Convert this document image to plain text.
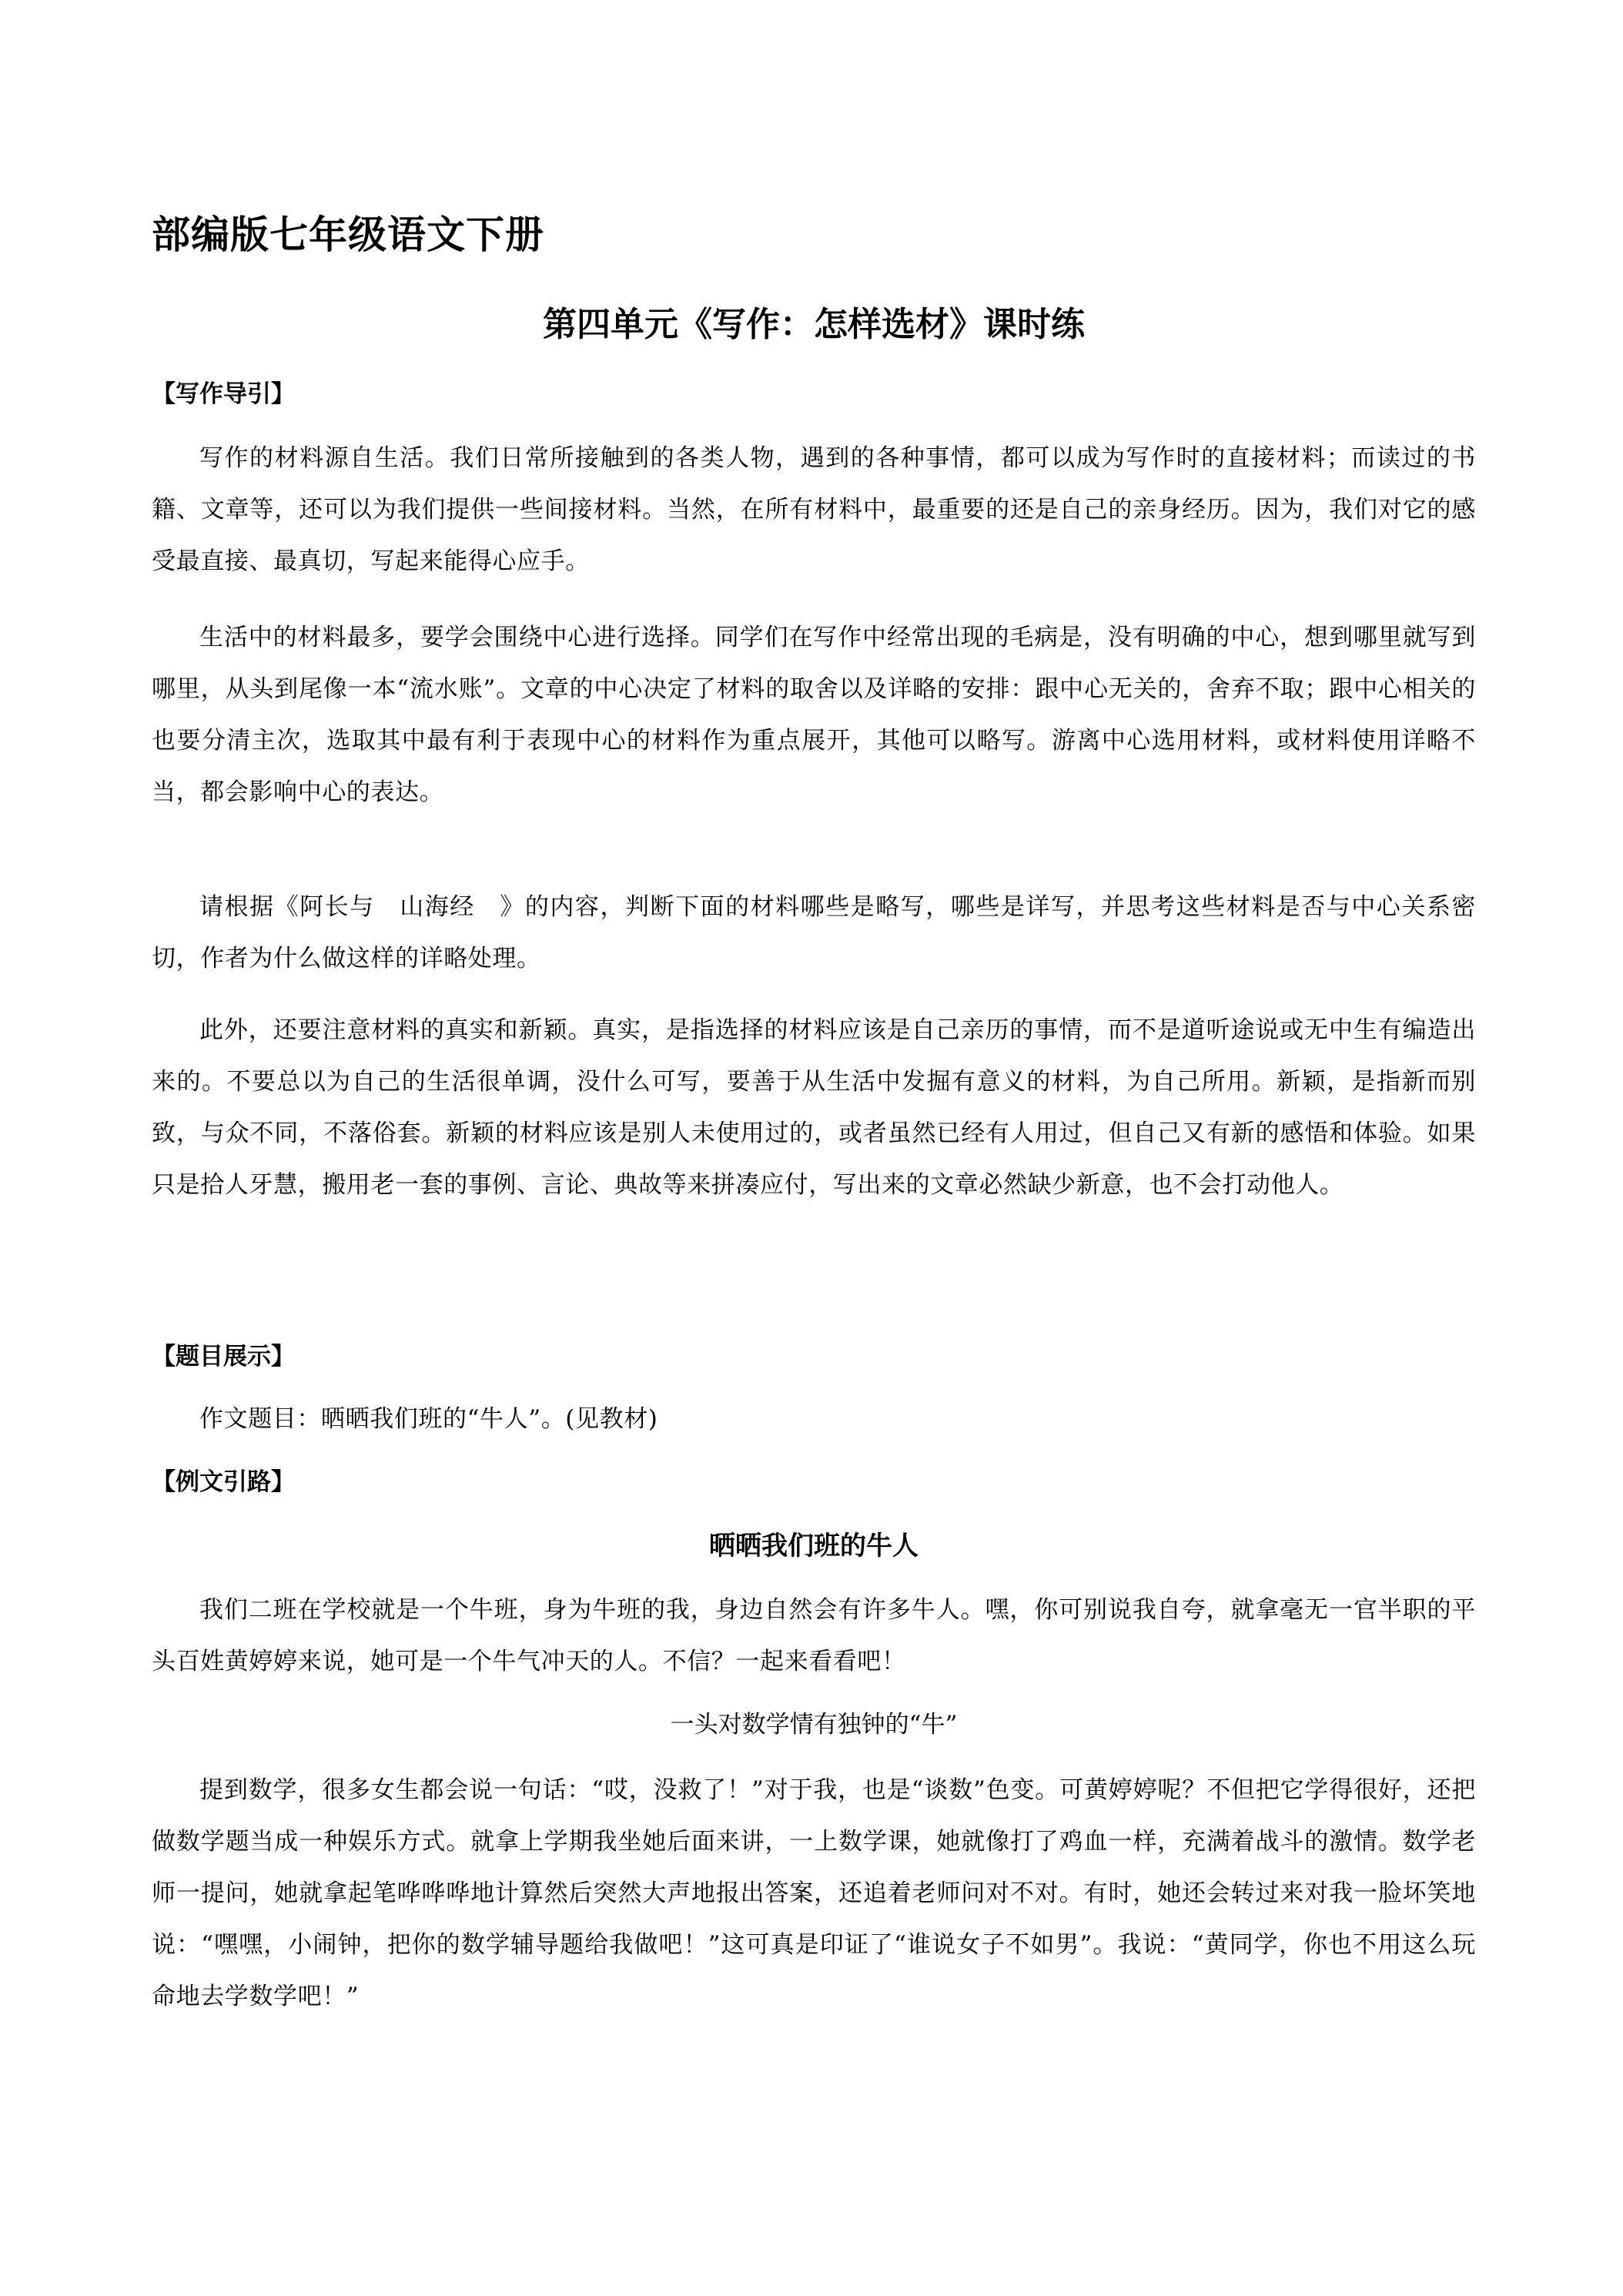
部编版七年级语文下册
第四单元《写作：怎样选材》课时练
【写作导引】

写作的材料源自生活。我们日常所接触到的各类人物，遇到的各种事情，都可以成为写作时的直接材料；而读过的书籍、文章等，还可以为我们提供一些间接材料。当然，在所有材料中，最重要的还是自己的亲身经历。因为，我们对它的感受最直接、最真切，写起来能得心应手。

生活中的材料最多，要学会围绕中心进行选择。同学们在写作中经常出现的毛病是，没有明确的中心，想到哪里就写到哪里，从头到尾像一本“流水账”。文章的中心决定了材料的取舍以及详略的安排：跟中心无关的，舍弃不取；跟中心相关的也要分清主次，选取其中最有利于表现中心的材料作为重点展开，其他可以略写。游离中心选用材料，或材料使用详略不当，都会影响中心的表达。

请根据《阿长与　山海经　》的内容，判断下面的材料哪些是略写，哪些是详写，并思考这些材料是否与中心关系密切，作者为什么做这样的详略处理。

此外，还要注意材料的真实和新颖。真实，是指选择的材料应该是自己亲历的事情，而不是道听途说或无中生有编造出来的。不要总以为自己的生活很单调，没什么可写，要善于从生活中发掘有意义的材料，为自己所用。新颖，是指新而别致，与众不同，不落俗套。新颖的材料应该是别人未使用过的，或者虽然已经有人用过，但自己又有新的感悟和体验。如果只是拾人牙慧，搬用老一套的事例、言论、典故等来拼凑应付，写出来的文章必然缺少新意，也不会打动他人。

【题目展示】

作文题目：晒晒我们班的“牛人”。(见教材)

【例文引路】
晒晒我们班的牛人

我们二班在学校就是一个牛班，身为牛班的我，身边自然会有许多牛人。嘿，你可别说我自夸，就拿毫无一官半职的平头百姓黄婷婷来说，她可是一个牛气冲天的人。不信？一起来看看吧！

一头对数学情有独钟的“牛”

提到数学，很多女生都会说一句话：“哎，没救了！”对于我，也是“谈数”色变。可黄婷婷呢？不但把它学得很好，还把做数学题当成一种娱乐方式。就拿上学期我坐她后面来讲，一上数学课，她就像打了鸡血一样，充满着战斗的激情。数学老师一提问，她就拿起笔哗哗哗地计算然后突然大声地报出答案，还追着老师问对不对。有时，她还会转过来对我一脸坏笑地说：“嘿嘿，小闹钟，把你的数学辅导题给我做吧！”这可真是印证了“谁说女子不如男”。我说：“黄同学，你也不用这么玩命地去学数学吧！”
